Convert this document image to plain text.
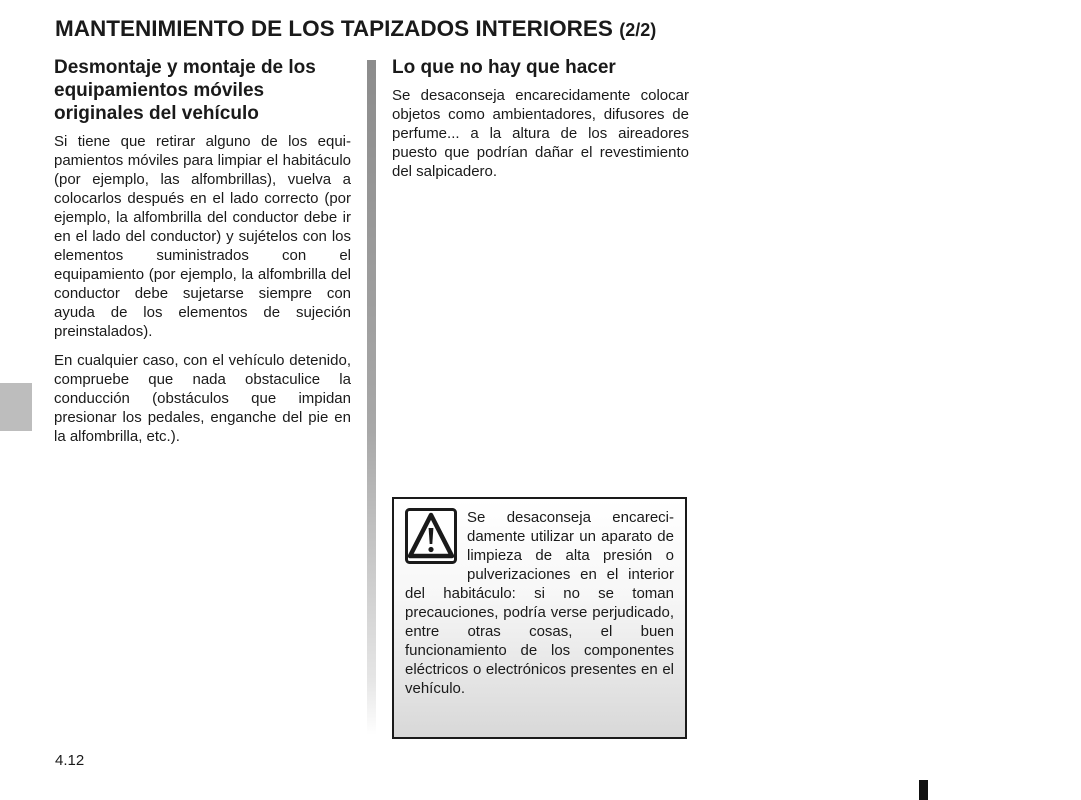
MANTENIMIENTO DE LOS TAPIZADOS INTERIORES (2/2)
Desmontaje y montaje de los equipamientos móviles originales del vehículo

Si tiene que retirar alguno de los equipamientos móviles para limpiar el habitáculo (por ejemplo, las alfombrillas), vuelva a colocarlos después en el lado correcto (por ejemplo, la alfombrilla del conductor debe ir en el lado del conductor) y sujételos con los elementos suministrados con el equipamiento (por ejemplo, la alfombrilla del conductor debe sujetarse siempre con ayuda de los elementos de sujeción preinstalados).

En cualquier caso, con el vehículo detenido, compruebe que nada obstaculice la conducción (obstáculos que impidan presionar los pedales, enganche del pie en la alfombrilla, etc.).

Lo que no hay que hacer

Se desaconseja encarecidamente colocar objetos como ambientadores, difusores de perfume... a la altura de los aireadores puesto que podrían dañar el revestimiento del salpicadero.

Se desaconseja encarecidamente utilizar un aparato de limpieza de alta presión o pulverizaciones en el interior del habitáculo: si no se toman precauciones, podría verse perjudicado, entre otras cosas, el buen funcionamiento de los componentes eléctricos o electrónicos presentes en el vehículo.

4.12
